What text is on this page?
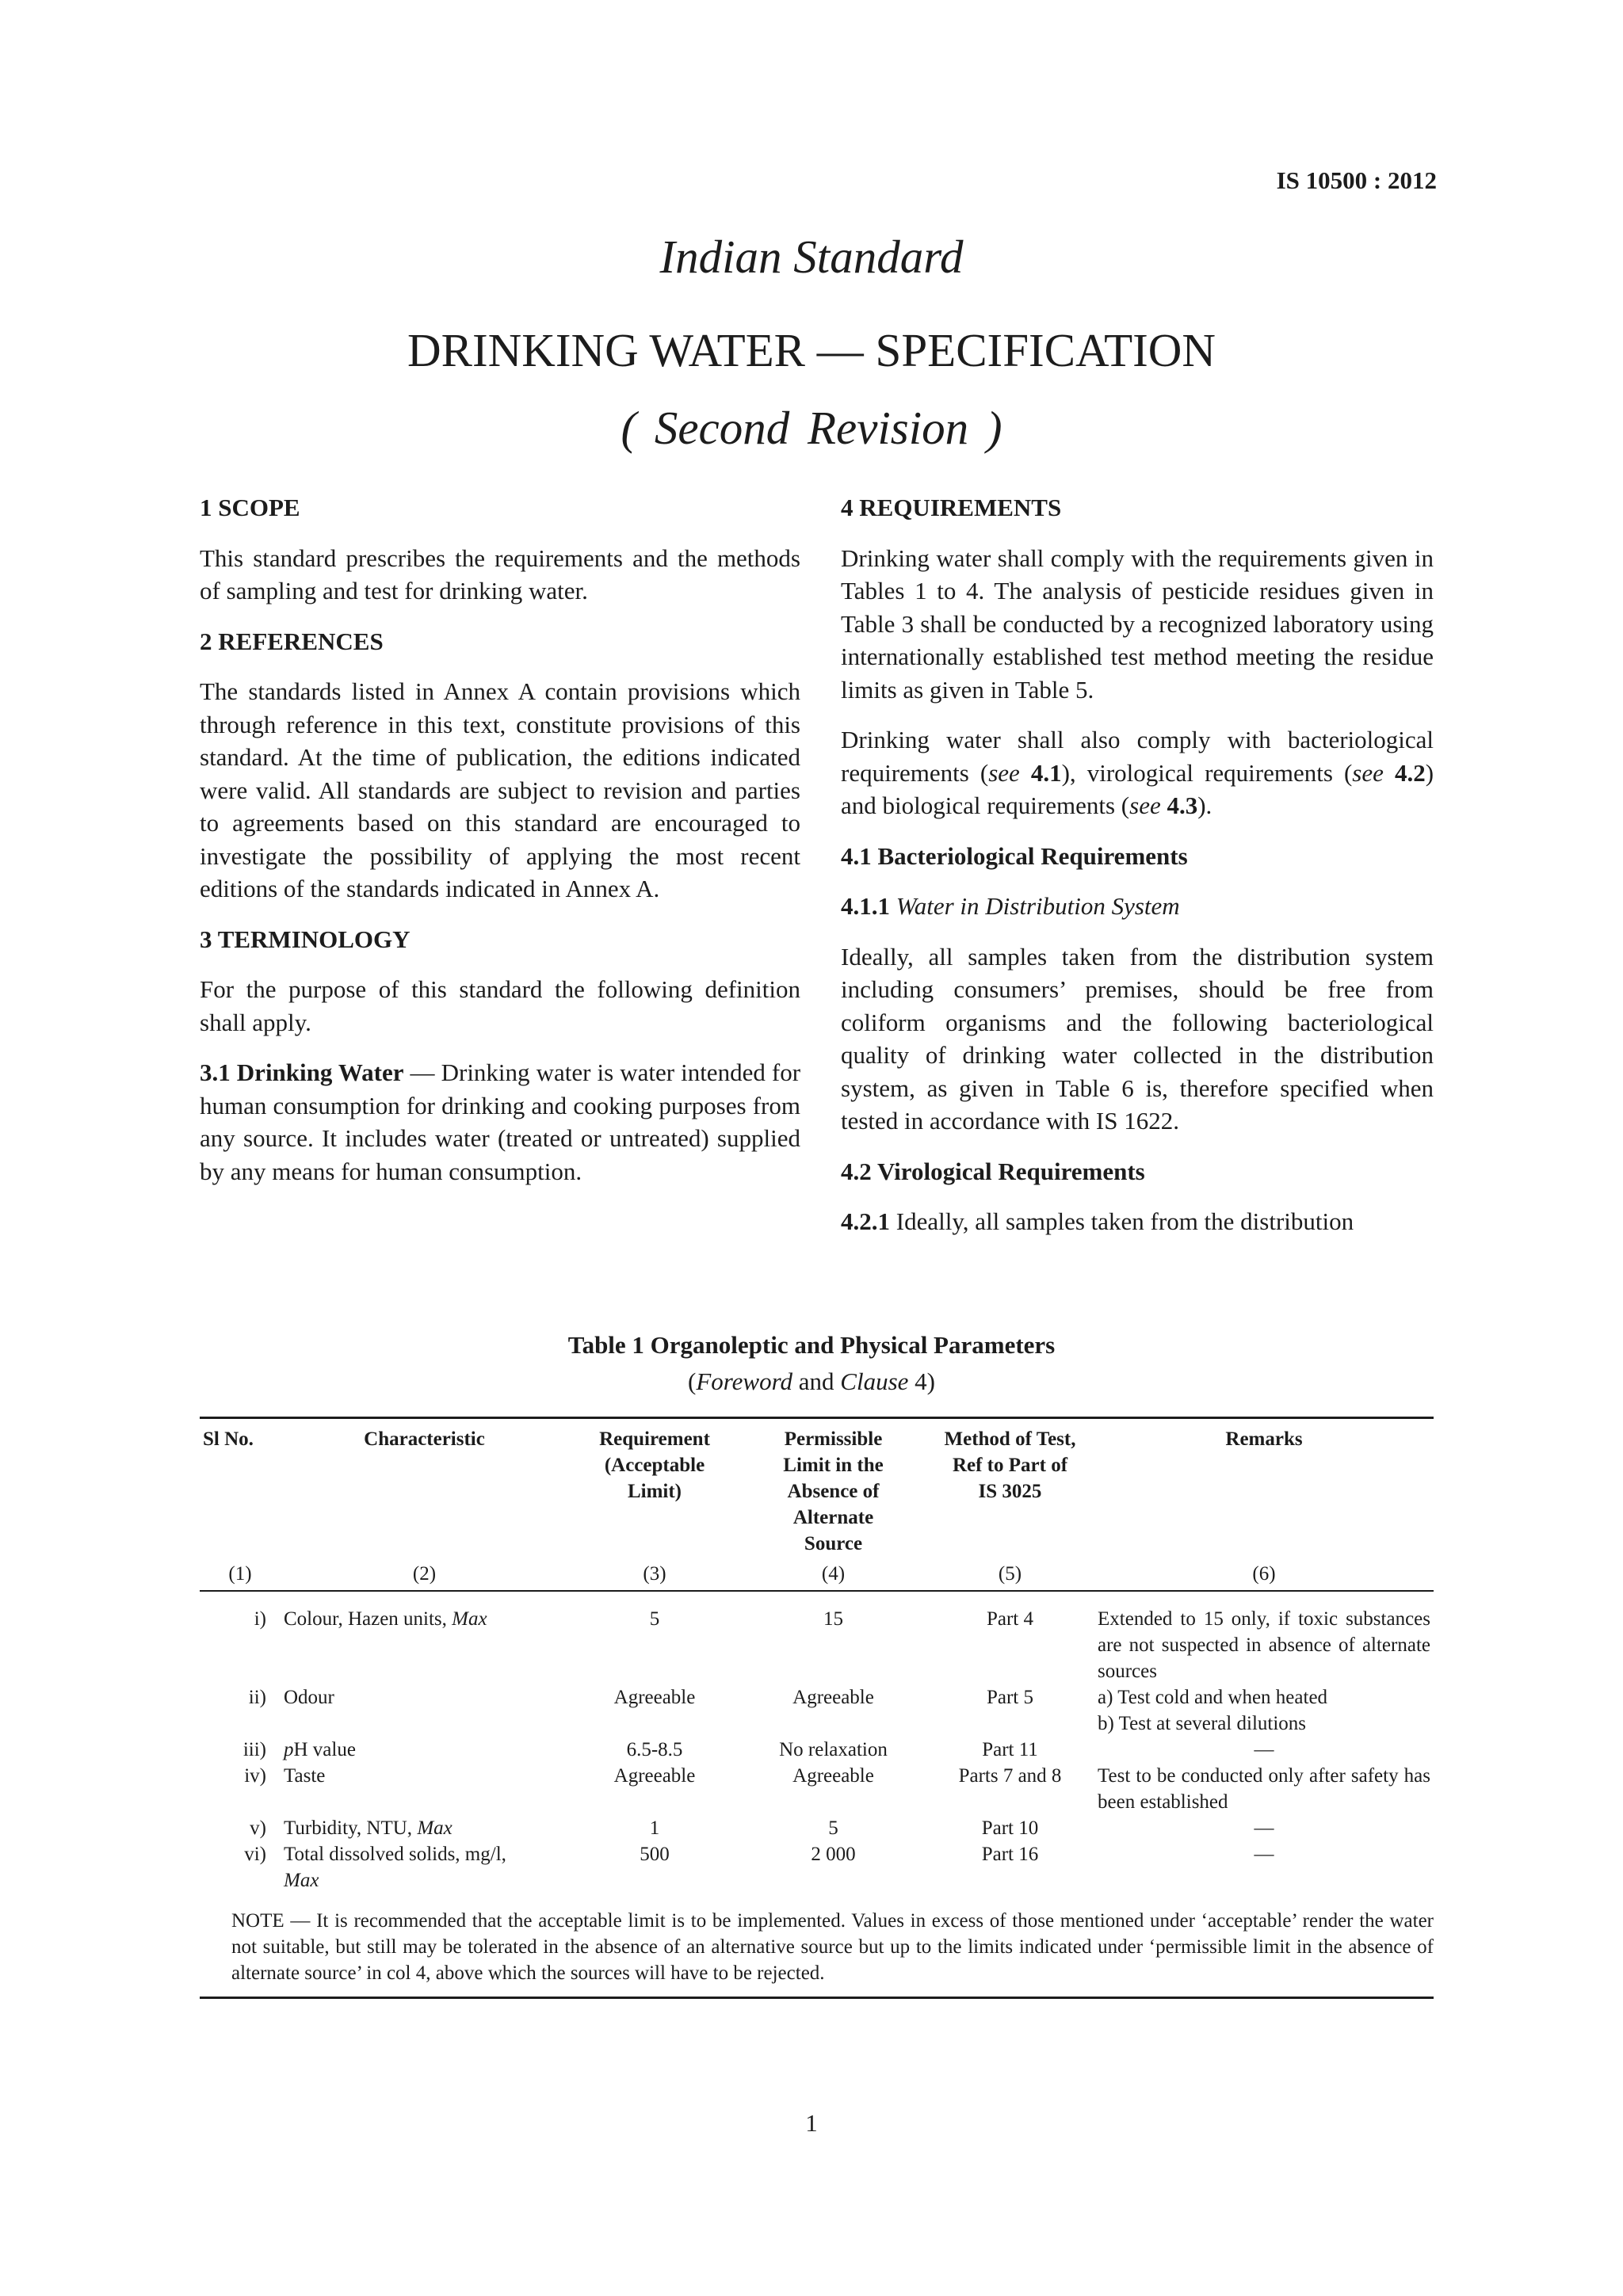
IS 10500 : 2012
Indian Standard
DRINKING WATER — SPECIFICATION
( Second Revision )
1 SCOPE

This standard prescribes the requirements and the methods of sampling and test for drinking water.

2 REFERENCES

The standards listed in Annex A contain provisions which through reference in this text, constitute provisions of this standard. At the time of publication, the editions indicated were valid. All standards are subject to revision and parties to agreements based on this standard are encouraged to investigate the possibility of applying the most recent editions of the standards indicated in Annex A.

3 TERMINOLOGY

For the purpose of this standard the following definition shall apply.

3.1 Drinking Water — Drinking water is water intended for human consumption for drinking and cooking purposes from any source. It includes water (treated or untreated) supplied by any means for human consumption.

4 REQUIREMENTS

Drinking water shall comply with the requirements given in Tables 1 to 4. The analysis of pesticide residues given in Table 3 shall be conducted by a recognized laboratory using internationally established test method meeting the residue limits as given in Table 5.

Drinking water shall also comply with bacteriological requirements (see 4.1), virological requirements (see 4.2) and biological requirements (see 4.3).

4.1 Bacteriological Requirements
4.1.1 Water in Distribution System

Ideally, all samples taken from the distribution system including consumers’ premises, should be free from coliform organisms and the following bacteriological quality of drinking water collected in the distribution system, as given in Table 6 is, therefore specified when tested in accordance with IS 1622.

4.2 Virological Requirements

4.2.1 Ideally, all samples taken from the distribution

Table 1 Organoleptic and Physical Parameters
(Foreword and Clause 4)
Sl No.	Characteristic	Requirement
(Acceptable
Limit)	Permissible
Limit in the
Absence of
Alternate
Source	Method of Test,
Ref to Part of
IS 3025	Remarks
(1)	(2)	(3)	(4)	(5)	(6)
i)	Colour, Hazen units, Max	5	15	Part 4	Extended to 15 only, if toxic substances are not suspected in absence of alternate sources
ii)	Odour	Agreeable	Agreeable	Part 5	a) Test cold and when heated
b) Test at several dilutions
iii)	pH value	6.5-8.5	No relaxation	Part 11	—
iv)	Taste	Agreeable	Agreeable	Parts 7 and 8	Test to be conducted only after safety has been established
v)	Turbidity, NTU, Max	1	5	Part 10	—
vi)	Total dissolved solids, mg/l,
Max	500	2 000	Part 16	—
NOTE — It is recommended that the acceptable limit is to be implemented. Values in excess of those mentioned under ‘acceptable’ render the water not suitable, but still may be tolerated in the absence of an alternative source but up to the limits indicated under ‘permissible limit in the absence of alternate source’ in col 4, above which the sources will have to be rejected.
1
